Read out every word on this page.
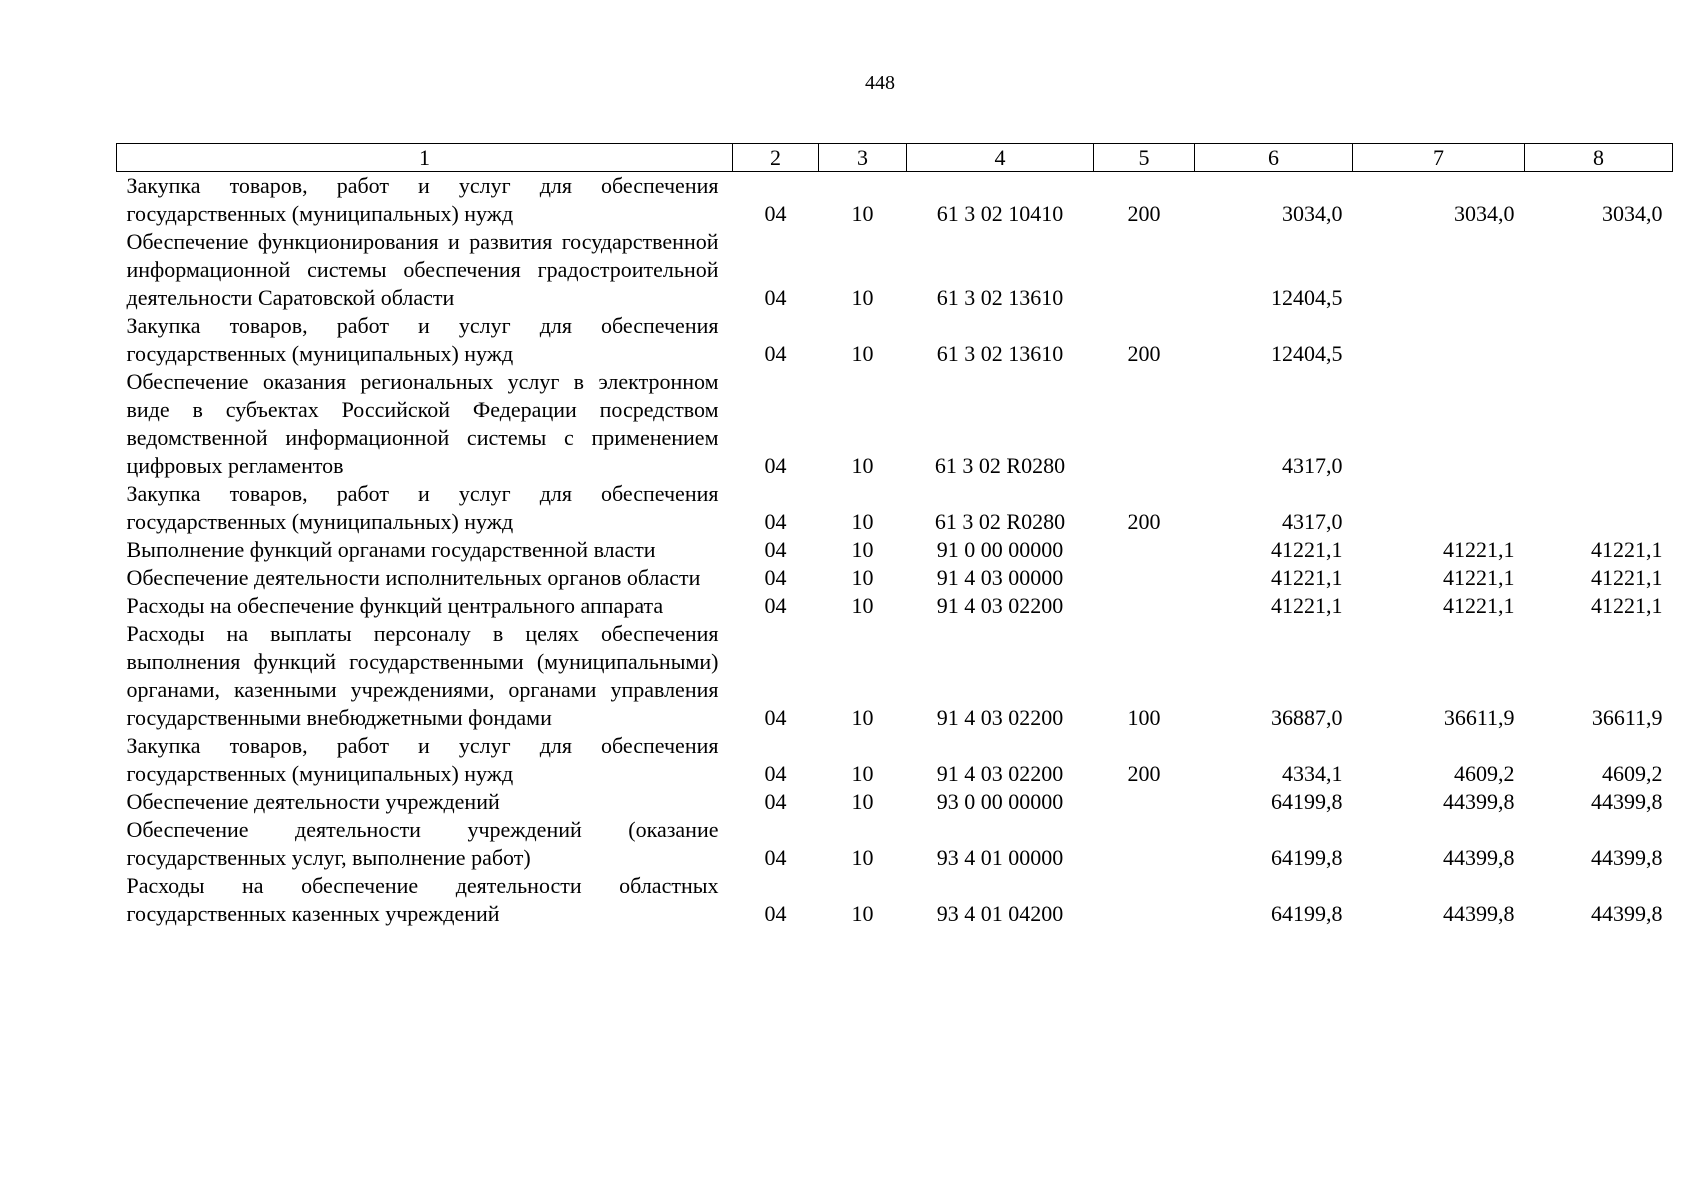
448
1	2	3	4	5	6	7	8
Закупка товаров, работ и услуг для обеспечения государственных (муниципальных) нужд	04	10	61 3 02 10410	200	3034,0	3034,0	3034,0
Обеспечение функционирования и развития государственной информационной системы обеспечения градостроительной деятельности Саратовской области	04	10	61 3 02 13610		12404,5		
Закупка товаров, работ и услуг для обеспечения государственных (муниципальных) нужд	04	10	61 3 02 13610	200	12404,5		
Обеспечение оказания региональных услуг в электронном виде в субъектах Российской Федерации посредством ведомственной информационной системы с применением цифровых регламентов	04	10	61 3 02 R0280		4317,0		
Закупка товаров, работ и услуг для обеспечения государственных (муниципальных) нужд	04	10	61 3 02 R0280	200	4317,0		
Выполнение функций органами государственной власти	04	10	91 0 00 00000		41221,1	41221,1	41221,1
Обеспечение деятельности исполнительных органов области	04	10	91 4 03 00000		41221,1	41221,1	41221,1
Расходы на обеспечение функций центрального аппарата	04	10	91 4 03 02200		41221,1	41221,1	41221,1
Расходы на выплаты персоналу в целях обеспечения выполнения функций государственными (муниципальными) органами, казенными учреждениями, органами управления государственными внебюджетными фондами	04	10	91 4 03 02200	100	36887,0	36611,9	36611,9
Закупка товаров, работ и услуг для обеспечения государственных (муниципальных) нужд	04	10	91 4 03 02200	200	4334,1	4609,2	4609,2
Обеспечение деятельности учреждений	04	10	93 0 00 00000		64199,8	44399,8	44399,8
Обеспечение деятельности учреждений (оказание государственных услуг, выполнение работ)	04	10	93 4 01 00000		64199,8	44399,8	44399,8
Расходы на обеспечение деятельности областных государственных казенных учреждений	04	10	93 4 01 04200		64199,8	44399,8	44399,8
